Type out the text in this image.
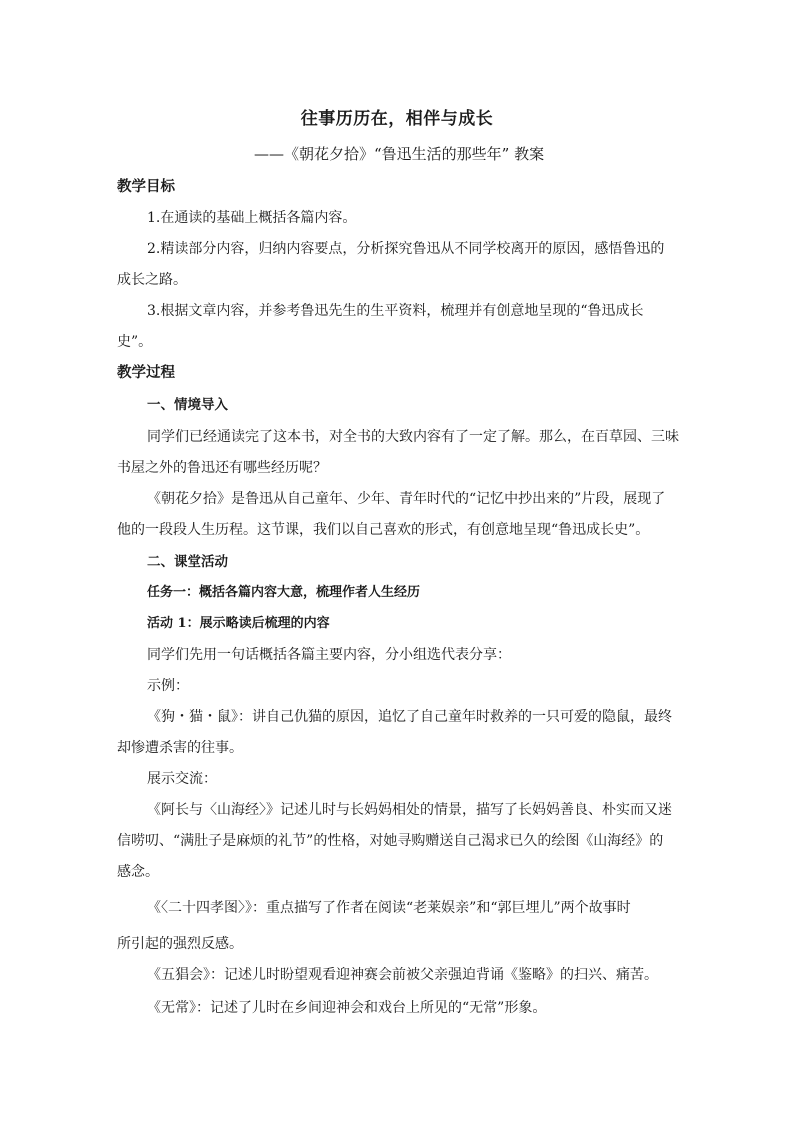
往事历历在，相伴与成长
——《朝花夕拾》“鲁迅生活的那些年” 教案
教学目标
1.在通读的基础上概括各篇内容。
2.精读部分内容，归纳内容要点，分析探究鲁迅从不同学校离开的原因，感悟鲁迅的
成长之路。
3.根据文章内容，并参考鲁迅先生的生平资料，梳理并有创意地呈现的“鲁迅成长
史”。
教学过程
一、情境导入
同学们已经通读完了这本书，对全书的大致内容有了一定了解。那么，在百草园、三味
书屋之外的鲁迅还有哪些经历呢？
《朝花夕拾》是鲁迅从自己童年、少年、青年时代的“记忆中抄出来的”片段，展现了
他的一段段人生历程。这节课，我们以自己喜欢的形式，有创意地呈现“鲁迅成长史”。
二、课堂活动
任务一：概括各篇内容大意，梳理作者人生经历
活动 1：展示略读后梳理的内容
同学们先用一句话概括各篇主要内容，分小组选代表分享：
示例：
《狗・猫・鼠》：讲自己仇猫的原因，追忆了自己童年时救养的一只可爱的隐鼠，最终
却惨遭杀害的往事。
展示交流：
《阿长与〈山海经〉》记述儿时与长妈妈相处的情景，描写了长妈妈善良、朴实而又迷
信唠叨、“满肚子是麻烦的礼节”的性格，对她寻购赠送自己渴求已久的绘图《山海经》的
感念。
《〈二十四孝图〉》：重点描写了作者在阅读“老莱娱亲”和“郭巨埋儿”两个故事时
所引起的强烈反感。
《五猖会》：记述儿时盼望观看迎神赛会前被父亲强迫背诵《鉴略》的扫兴、痛苦。
《无常》：记述了儿时在乡间迎神会和戏台上所见的“无常”形象。
